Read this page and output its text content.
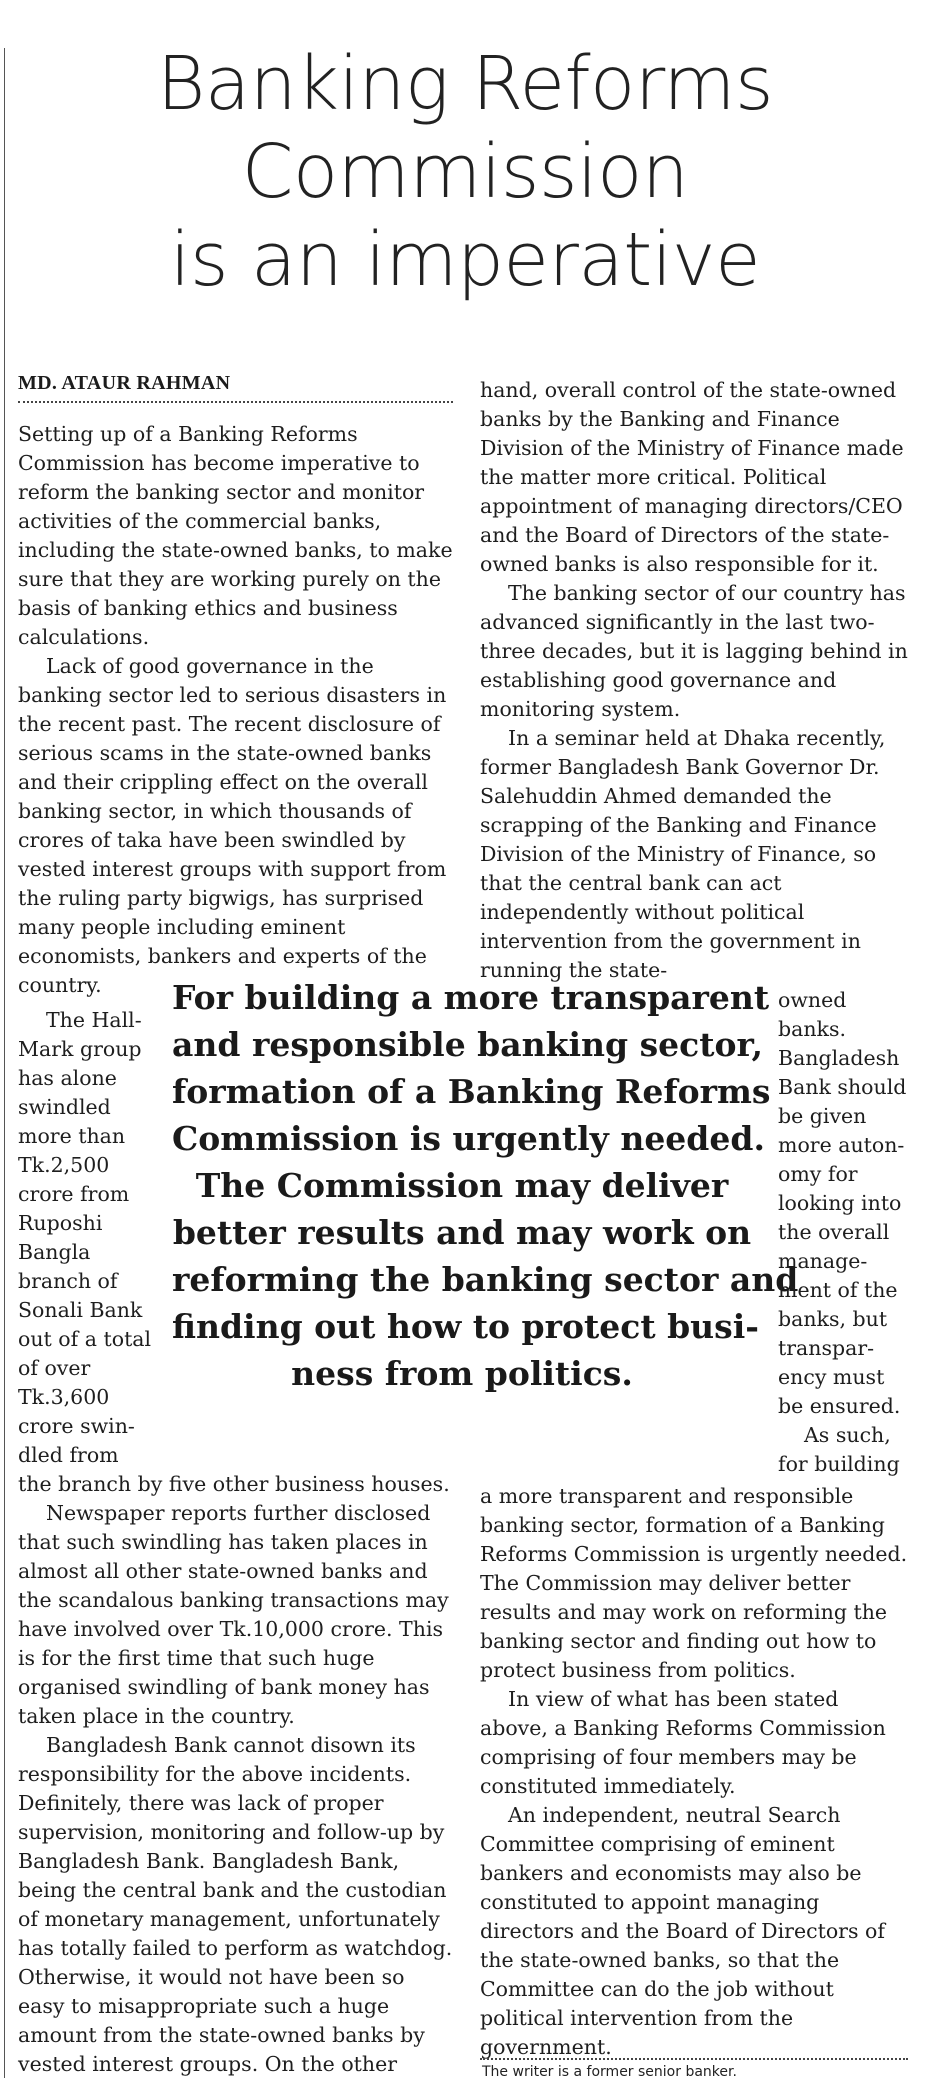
Banking Reforms
Commission
is an imperative
MD. ATAUR RAHMAN

Setting up of a Banking Reforms Commission has become imperative to reform the banking sector and monitor activities of the commercial banks, including the state-owned banks, to make sure that they are working purely on the basis of banking ethics and business calculations.

Lack of good governance in the banking sector led to serious disasters in the recent past. The recent disclosure of serious scams in the state-owned banks and their crippling effect on the overall banking sector, in which thousands of crores of taka have been swindled by vested interest groups with support from the ruling party bigwigs, has surprised many people including eminent economists, bankers and experts of the country.

The Hall-
Mark group
has alone
swindled
more than
Tk.2,500
crore from
Ruposhi
Bangla
branch of
Sonali Bank
out of a total
of over
Tk.3,600
crore swin-
dled from

the branch by five other business houses.

Newspaper reports further disclosed that such swindling has taken places in almost all other state-owned banks and the scandalous banking transactions may have involved over Tk.10,000 crore. This is for the first time that such huge organised swindling of bank money has taken place in the country.

Bangladesh Bank cannot disown its responsibility for the above incidents. Definitely, there was lack of proper supervision, monitoring and follow-up by Bangladesh Bank. Bangladesh Bank, being the central bank and the custodian of monetary management, unfortunately has totally failed to perform as watchdog. Otherwise, it would not have been so easy to misappropriate such a huge amount from the state-owned banks by vested interest groups. On the other

For building a more transparent
and responsible banking sector,
formation of a Banking Reforms
Commission is urgently needed.
The Commission may deliver
better results and may work on
reforming the banking sector and
finding out how to protect busi-
ness from politics.

hand, overall control of the state-owned banks by the Banking and Finance Division of the Ministry of Finance made the matter more critical. Political appointment of managing directors/CEO and the Board of Directors of the state-owned banks is also responsible for it.

The banking sector of our country has advanced significantly in the last two-three decades, but it is lagging behind in establishing good governance and monitoring system.

In a seminar held at Dhaka recently, former Bangladesh Bank Governor Dr. Salehuddin Ahmed demanded the scrapping of the Banking and Finance Division of the Ministry of Finance, so that the central bank can act independently without political intervention from the government in running the state-

owned
banks.
Bangladesh
Bank should
be given
more auton-
omy for
looking into
the overall
manage-
ment of the
banks, but
transpar-
ency must
be ensured.
As such,
for building

a more transparent and responsible banking sector, formation of a Banking Reforms Commission is urgently needed. The Commission may deliver better results and may work on reforming the banking sector and finding out how to protect business from politics.

In view of what has been stated above, a Banking Reforms Commission comprising of four members may be constituted immediately.

An independent, neutral Search Committee comprising of eminent bankers and economists may also be constituted to appoint managing directors and the Board of Directors of the state-owned banks, so that the Committee can do the job without political intervention from the government.

The writer is a former senior banker.
